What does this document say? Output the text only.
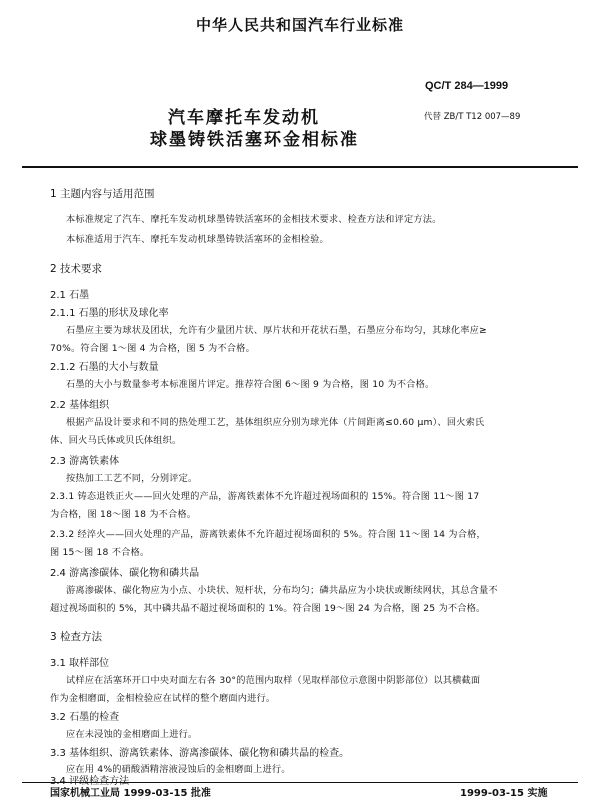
中华人民共和国汽车行业标准
QC/T 284—1999
汽车摩托车发动机
球墨铸铁活塞环金相标准
代替 ZB/T T12 007—89
1 主题内容与适用范围
本标准规定了汽车、摩托车发动机球墨铸铁活塞环的金相技术要求、检查方法和评定方法。
本标准适用于汽车、摩托车发动机球墨铸铁活塞环的金相检验。
2 技术要求
2.1 石墨
2.1.1 石墨的形状及球化率
石墨应主要为球状及团状，允许有少量团片状、厚片状和开花状石墨，石墨应分布均匀，其球化率应≥
70%。符合图 1～图 4 为合格，图 5 为不合格。
2.1.2 石墨的大小与数量
石墨的大小与数量参考本标准图片评定。推荐符合图 6～图 9 为合格，图 10 为不合格。
2.2 基体组织
根据产品设计要求和不同的热处理工艺，基体组织应分别为球光体（片间距离≤0.60 μm）、回火索氏
体、回火马氏体或贝氏体组织。
2.3 游离铁素体
按热加工工艺不同，分别评定。
2.3.1 铸态退铁正火——回火处理的产品，游离铁素体不允许超过视场面积的 15%。符合图 11～图 17
为合格，图 18～图 18 为不合格。
2.3.2 经淬火——回火处理的产品，游离铁素体不允许超过视场面积的 5%。符合图 11～图 14 为合格，
图 15～图 18 不合格。
2.4 游离渗碳体、碳化物和磷共晶
游离渗碳体、碳化物应为小点、小块状、短杆状，分布均匀；磷共晶应为小块状或断续网状，其总含量不
超过视场面积的 5%，其中磷共晶不超过视场面积的 1%。符合图 19～图 24 为合格，图 25 为不合格。
3 检查方法
3.1 取样部位
试样应在活塞环开口中央对面左右各 30°的范围内取样（见取样部位示意图中阴影部位）以其横截面
作为金相磨面，金相检验应在试样的整个磨面内进行。
3.2 石墨的检查
应在未浸蚀的金相磨面上进行。
3.3 基体组织、游离铁素体、游离渗碳体、碳化物和磷共晶的检查。
应在用 4%的硝酸酒精溶液浸蚀后的金相磨面上进行。
3.4 评级检查方法
国家机械工业局 1999-03-15 批准	1999-03-15 实施
